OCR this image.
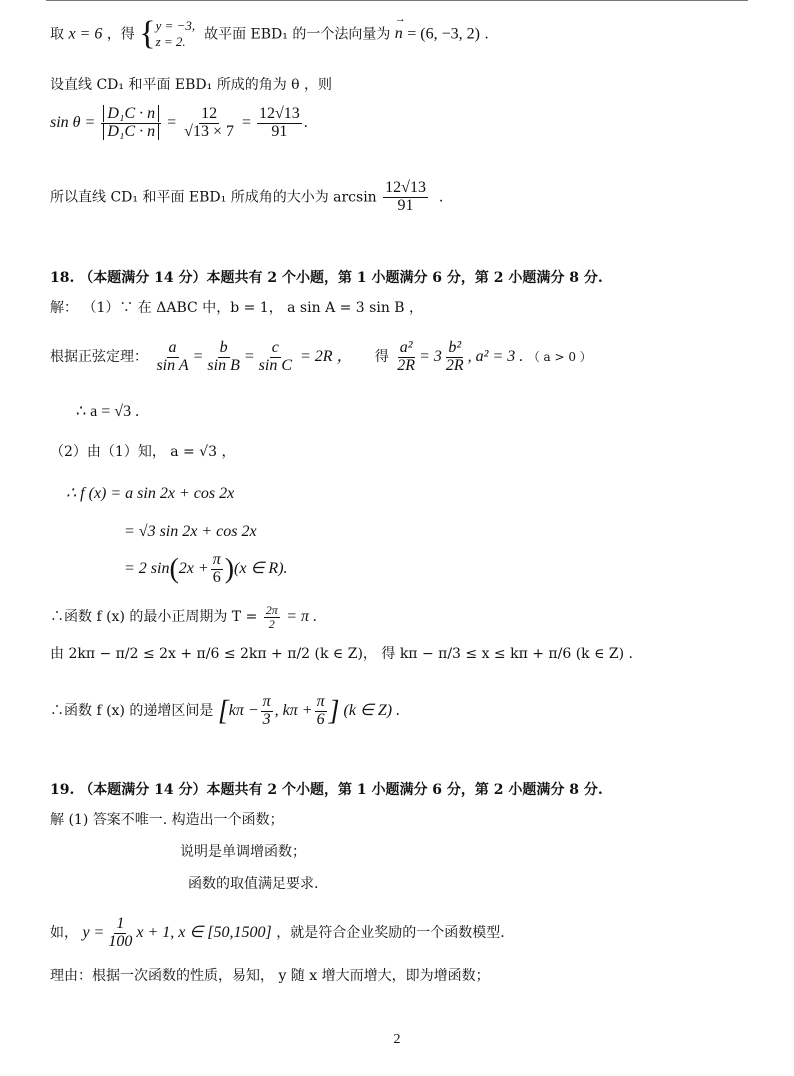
取 x = 6 ，得 { y = −3,
z = 2.	故平面 EBD₁ 的一个法向量为 → n = (6, −3, 2) .
设直线 CD₁ 和平面 EBD₁ 所成的角为 θ ，则
$\sin \theta = \frac{\text{D₁C · n}}{\text{D₁C · n}} = \frac{12}{√13 \times 7} = \frac{12√13}{91}$ .
所以直线 CD₁ 和平面 EBD₁ 所成角的大小为 $\arcsin \frac{12√13}{91}$ .
18. （本题满分 14 分）本题共有 2 个小题，第 1 小题满分 6 分，第 2 小题满分 8 分.
解： （1）∵ 在 ΔABC 中，b = 1， a sin A = 3 sin B ，
根据正弦定理： $\frac{a}{\text{sin A}} = \frac{b}{\text{sin B}} = \frac{c}{\text{sin C}} = 2R$ ， 得 $\frac{\text{a²}}{2R} = 3 \frac{\text{b²}}{2R}$ , a² = 3 . （ a > 0 ）
∴ a = √3 .
（2）由（1）知， a = √3 ，
∴ f (x) = a sin 2x + cos 2x
= √3 sin 2x + cos 2x
= 2 $\sin(2x + \frac{\pi}{6} )(x$ ∈ R).
∴函数 f (x) 的最小正周期为 $T = \frac{2\pi}{2} = \pi$ .
由 2kπ − π/2 ≤ 2x + π/6 ≤ 2kπ + π/2 (k ∈ Z)， 得 kπ − π/3 ≤ x ≤ kπ + π/6 (k ∈ Z) .
∴函数 f (x) 的递增区间是 [$k\pi - \frac{\pi}{3}$ , $k\pi + \frac{\pi}{6}$ ] (k ∈ Z) .
19. （本题满分 14 分）本题共有 2 个小题，第 1 小题满分 6 分，第 2 小题满分 8 分.
解 (1) 答案不唯一. 构造出一个函数；
说明是单调增函数；
函数的取值满足要求.
如， $y = \frac{1}{100}$ x + 1, x ∈ [50,1500] ，就是符合企业奖励的一个函数模型.
理由：根据一次函数的性质，易知， y 随 x 增大而增大，即为增函数；
2
